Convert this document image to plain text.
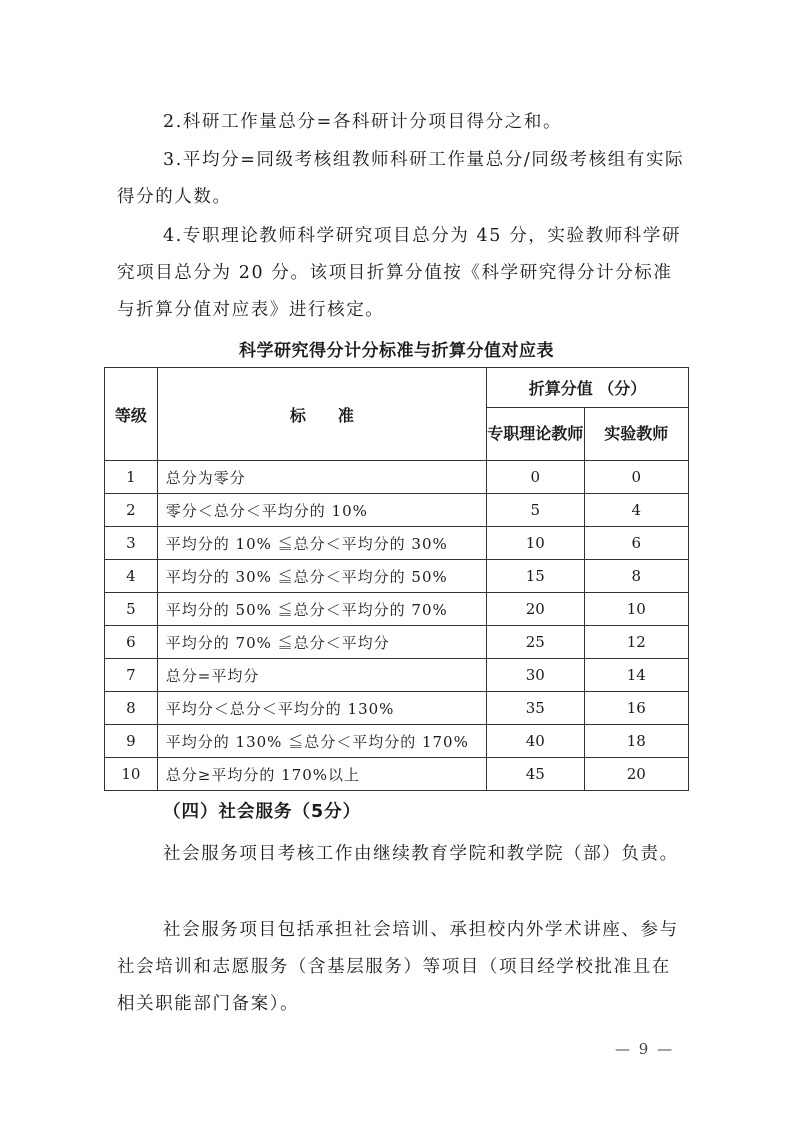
2.科研工作量总分=各科研计分项目得分之和。

3.平均分=同级考核组教师科研工作量总分/同级考核组有实际得分的人数。

4.专职理论教师科学研究项目总分为 45 分，实验教师科学研究项目总分为 20 分。该项目折算分值按《科学研究得分计分标准与折算分值对应表》进行核定。

科学研究得分计分标准与折算分值对应表
等级	标　　准	折算分值 （分）	
		专职理论教师	实验教师
1	总分为零分	0	0
2	零分＜总分＜平均分的 10%	5	4
3	平均分的 10% ≦总分＜平均分的 30%	10	6
4	平均分的 30% ≦总分＜平均分的 50%	15	8
5	平均分的 50% ≦总分＜平均分的 70%	20	10
6	平均分的 70% ≦总分＜平均分	25	12
7	总分=平均分	30	14
8	平均分＜总分＜平均分的 130%	35	16
9	平均分的 130% ≦总分＜平均分的 170%	40	18
10	总分≥平均分的 170%以上	45	20
（四）社会服务（5分）

社会服务项目考核工作由继续教育学院和教学院（部）负责。

社会服务项目包括承担社会培训、承担校内外学术讲座、参与社会培训和志愿服务（含基层服务）等项目（项目经学校批准且在相关职能部门备案）。

— 9 —
